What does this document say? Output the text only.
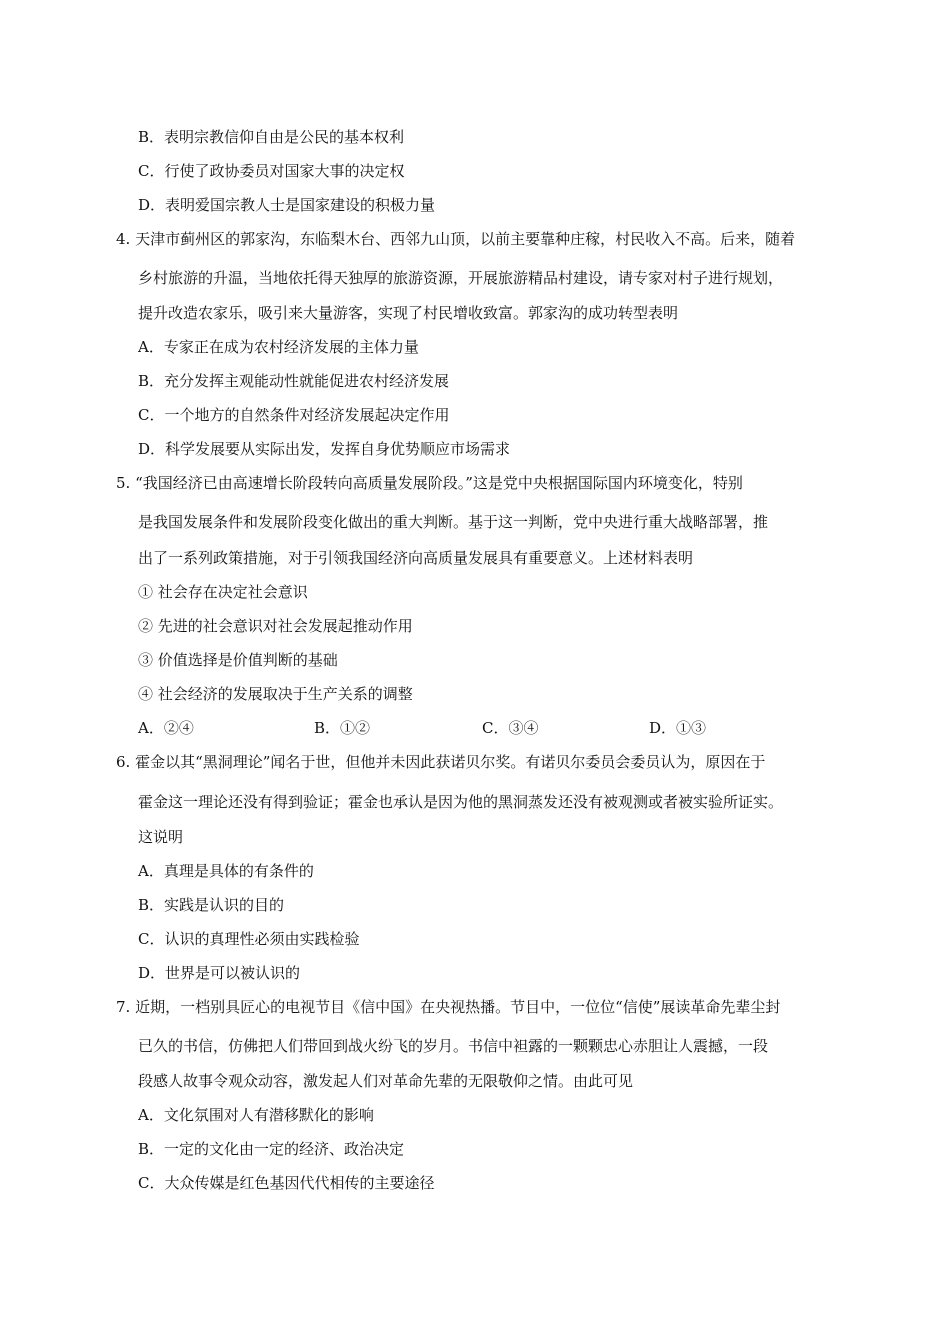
B．表明宗教信仰自由是公民的基本权利
C．行使了政协委员对国家大事的决定权
D．表明爱国宗教人士是国家建设的积极力量
4. 天津市蓟州区的郭家沟，东临梨木台、西邻九山顶，以前主要靠种庄稼，村民收入不高。后来，随着
乡村旅游的升温，当地依托得天独厚的旅游资源，开展旅游精品村建设，请专家对村子进行规划，
提升改造农家乐，吸引来大量游客，实现了村民增收致富。郭家沟的成功转型表明
A．专家正在成为农村经济发展的主体力量
B．充分发挥主观能动性就能促进农村经济发展
C．一个地方的自然条件对经济发展起决定作用
D．科学发展要从实际出发，发挥自身优势顺应市场需求
5. “我国经济已由高速增长阶段转向高质量发展阶段。”这是党中央根据国际国内环境变化，特别
是我国发展条件和发展阶段变化做出的重大判断。基于这一判断，党中央进行重大战略部署，推
出了一系列政策措施，对于引领我国经济向高质量发展具有重要意义。上述材料表明
① 社会存在决定社会意识
② 先进的社会意识对社会发展起推动作用
③ 价值选择是价值判断的基础
④ 社会经济的发展取决于生产关系的调整
A．②④	B．①②	C．③④	D．①③
6. 霍金以其“黑洞理论”闻名于世，但他并未因此获诺贝尔奖。有诺贝尔委员会委员认为，原因在于
霍金这一理论还没有得到验证；霍金也承认是因为他的黑洞蒸发还没有被观测或者被实验所证实。
这说明
A．真理是具体的有条件的
B．实践是认识的目的
C．认识的真理性必须由实践检验
D．世界是可以被认识的
7. 近期，一档别具匠心的电视节目《信中国》在央视热播。节目中，一位位“信使”展读革命先辈尘封
已久的书信，仿佛把人们带回到战火纷飞的岁月。书信中袒露的一颗颗忠心赤胆让人震撼，一段
段感人故事令观众动容，激发起人们对革命先辈的无限敬仰之情。由此可见
A．文化氛围对人有潜移默化的影响
B．一定的文化由一定的经济、政治决定
C．大众传媒是红色基因代代相传的主要途径
